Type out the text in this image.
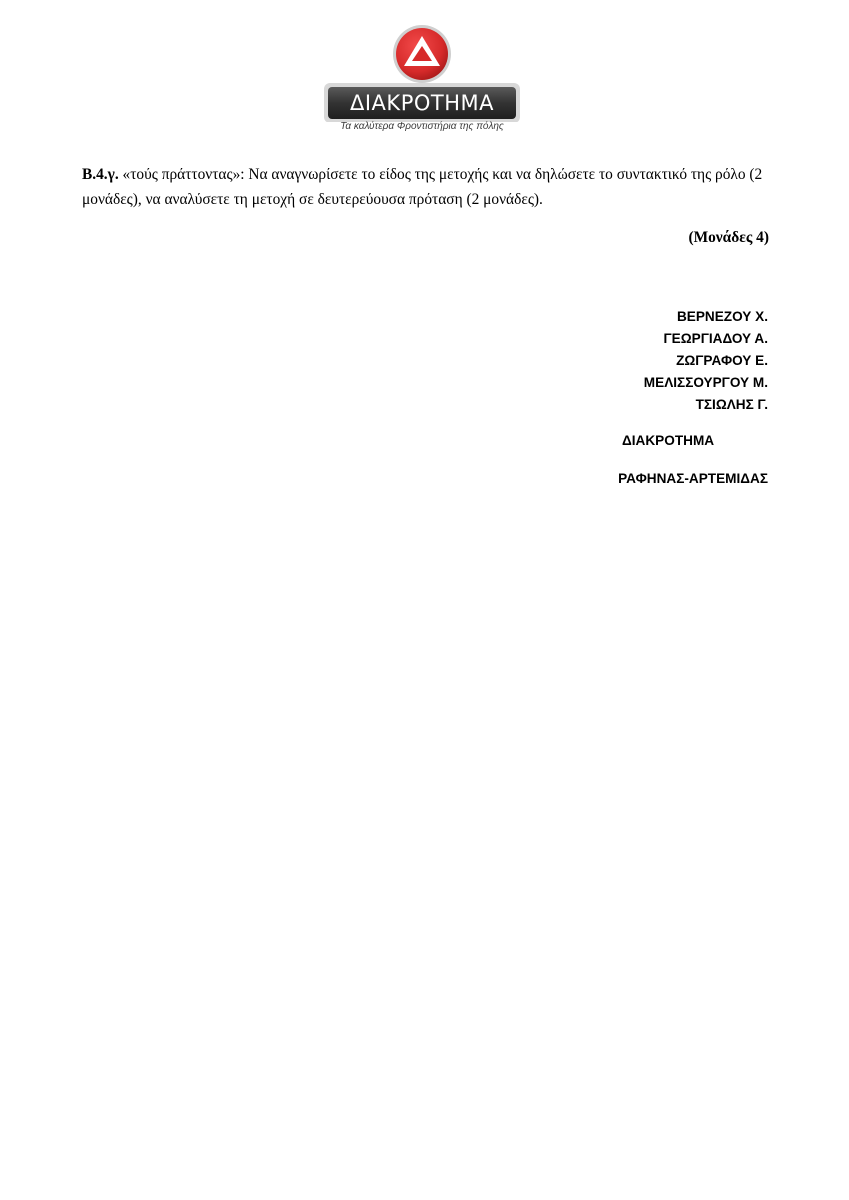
ΔΙΑΚΡΟΤΗΜΑ
Τα καλύτερα Φροντιστήρια της πόλης

Β.4.γ. «τούς πράττοντας»: Να αναγνωρίσετε το είδος της μετοχής και να δηλώσετε το συντακτικό της ρόλο (2 μονάδες), να αναλύσετε τη μετοχή σε δευτερεύουσα πρόταση (2 μονάδες).

(Μονάδες 4)

ΒΕΡΝΕΖΟΥ Χ.
ΓΕΩΡΓΙΑΔΟΥ Α.
ΖΩΓΡΑΦΟΥ Ε.
ΜΕΛΙΣΣΟΥΡΓΟΥ Μ.
ΤΣΙΩΛΗΣ Γ.
ΔΙΑΚΡΟΤΗΜΑ
ΡΑΦΗΝΑΣ-ΑΡΤΕΜΙΔΑΣ
